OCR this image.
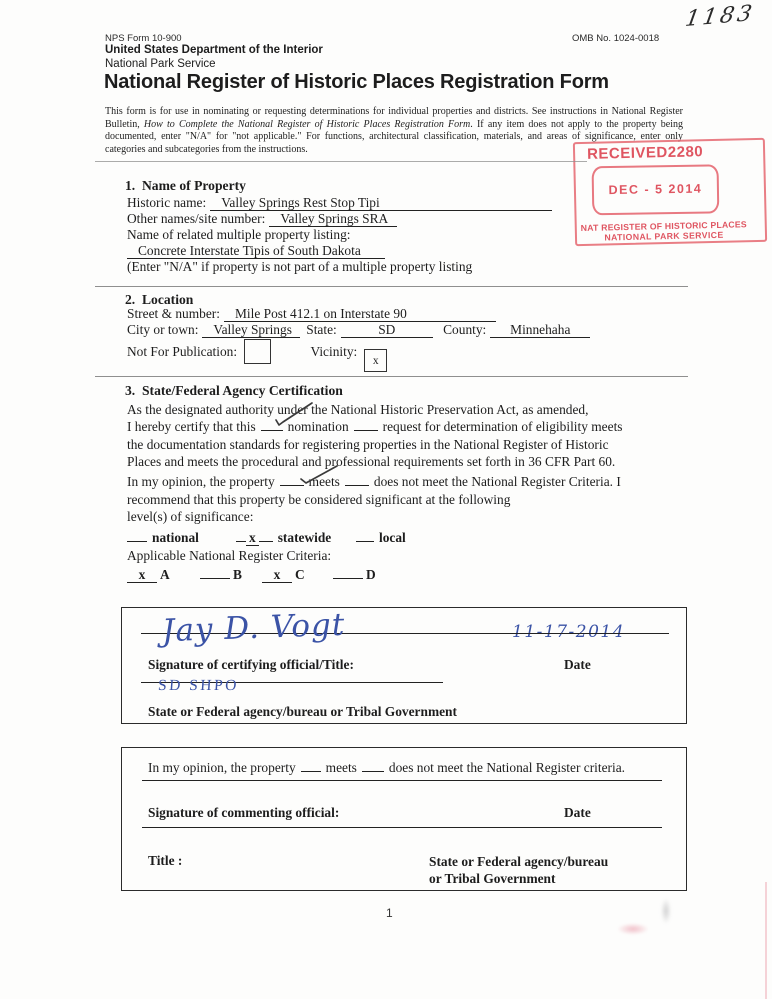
NPS Form 10-900	OMB No. 1024-0018
United States Department of the Interior
National Park Service
National Register of Historic Places Registration Form

This form is for use in nominating or requesting determinations for individual properties and districts. See instructions in National Register Bulletin, How to Complete the National Register of Historic Places Registration Form. If any item does not apply to the property being documented, enter "N/A" for "not applicable." For functions, architectural classification, materials, and areas of significance, enter only categories and subcategories from the instructions.

1183
RECEIVED2280
DEC - 5 2014
NAT REGISTER OF HISTORIC PLACES
NATIONAL PARK SERVICE
1.  Name of Property
Historic name: Valley Springs Rest Stop Tipi
Other names/site number: Valley Springs SRA
Name of related multiple property listing:
Concrete Interstate Tipis of South Dakota
(Enter "N/A" if property is not part of a multiple property listing
2.  Location
Street & number: Mile Post 412.1 on Interstate 90
City or town: Valley Springs State:	SD	County: Minnehaha
Not For Publication:	Vicinity:x
3.  State/Federal Agency Certification
As the designated authority under the National Historic Preservation Act, as amended,
I hereby certify that this nomination	request for determination of eligibility meets
the documentation standards for registering properties in the National Register of Historic
Places and meets the procedural and professional requirements set forth in 36 CFR Part 60.
In my opinion, the property	meets	does not meet the National Register Criteria. I
recommend that this property be considered significant at the following
level(s) of significance:
national	x statewide	local
Applicable National Register Criteria:
x A	B	x C	D
Jay D. Vogt	11-17-2014
Signature of certifying official/Title:	Date
SD SHPO
State or Federal agency/bureau or Tribal Government
In my opinion, the property meets does not meet the National Register criteria.
Signature of commenting official:	Date
Title :	State or Federal agency/bureau
or Tribal Government
1
